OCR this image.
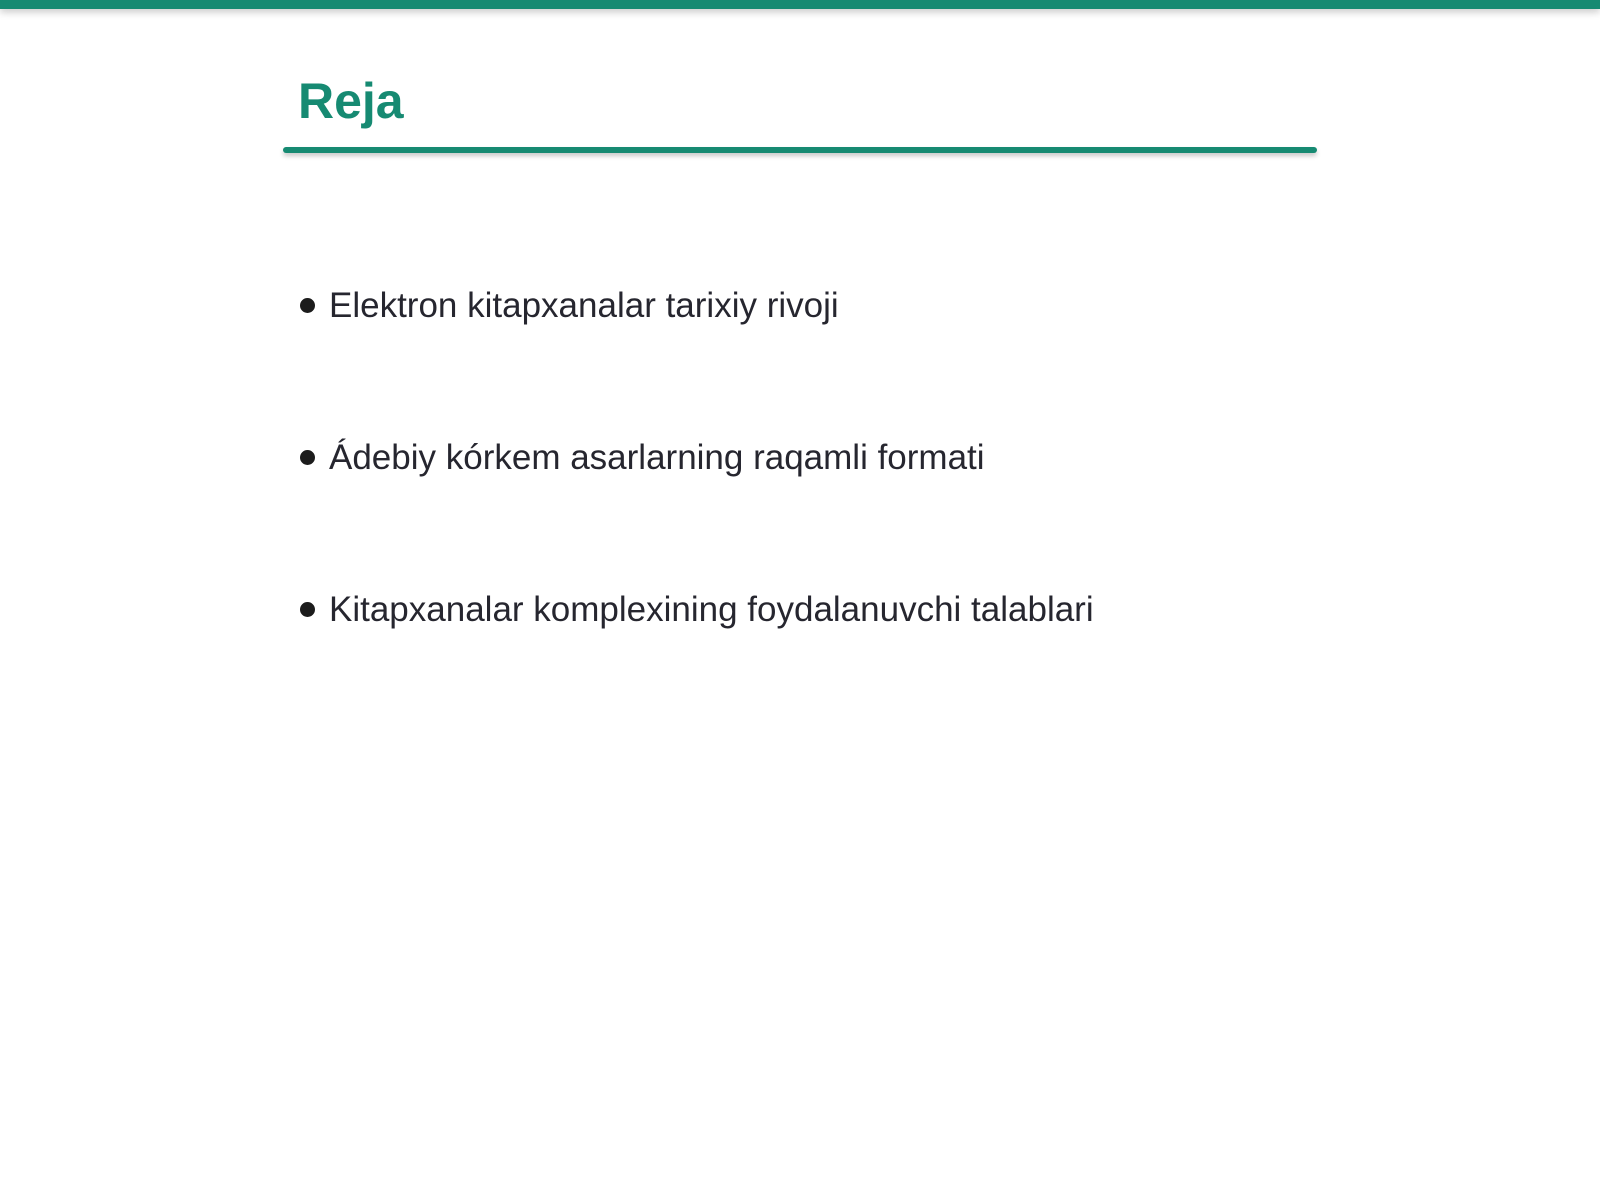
Reja
Elektron kitapxanalar tarixiy rivoji
Ádebiy kórkem asarlarning raqamli formati
Kitapxanalar komplexining foydalanuvchi talablari
